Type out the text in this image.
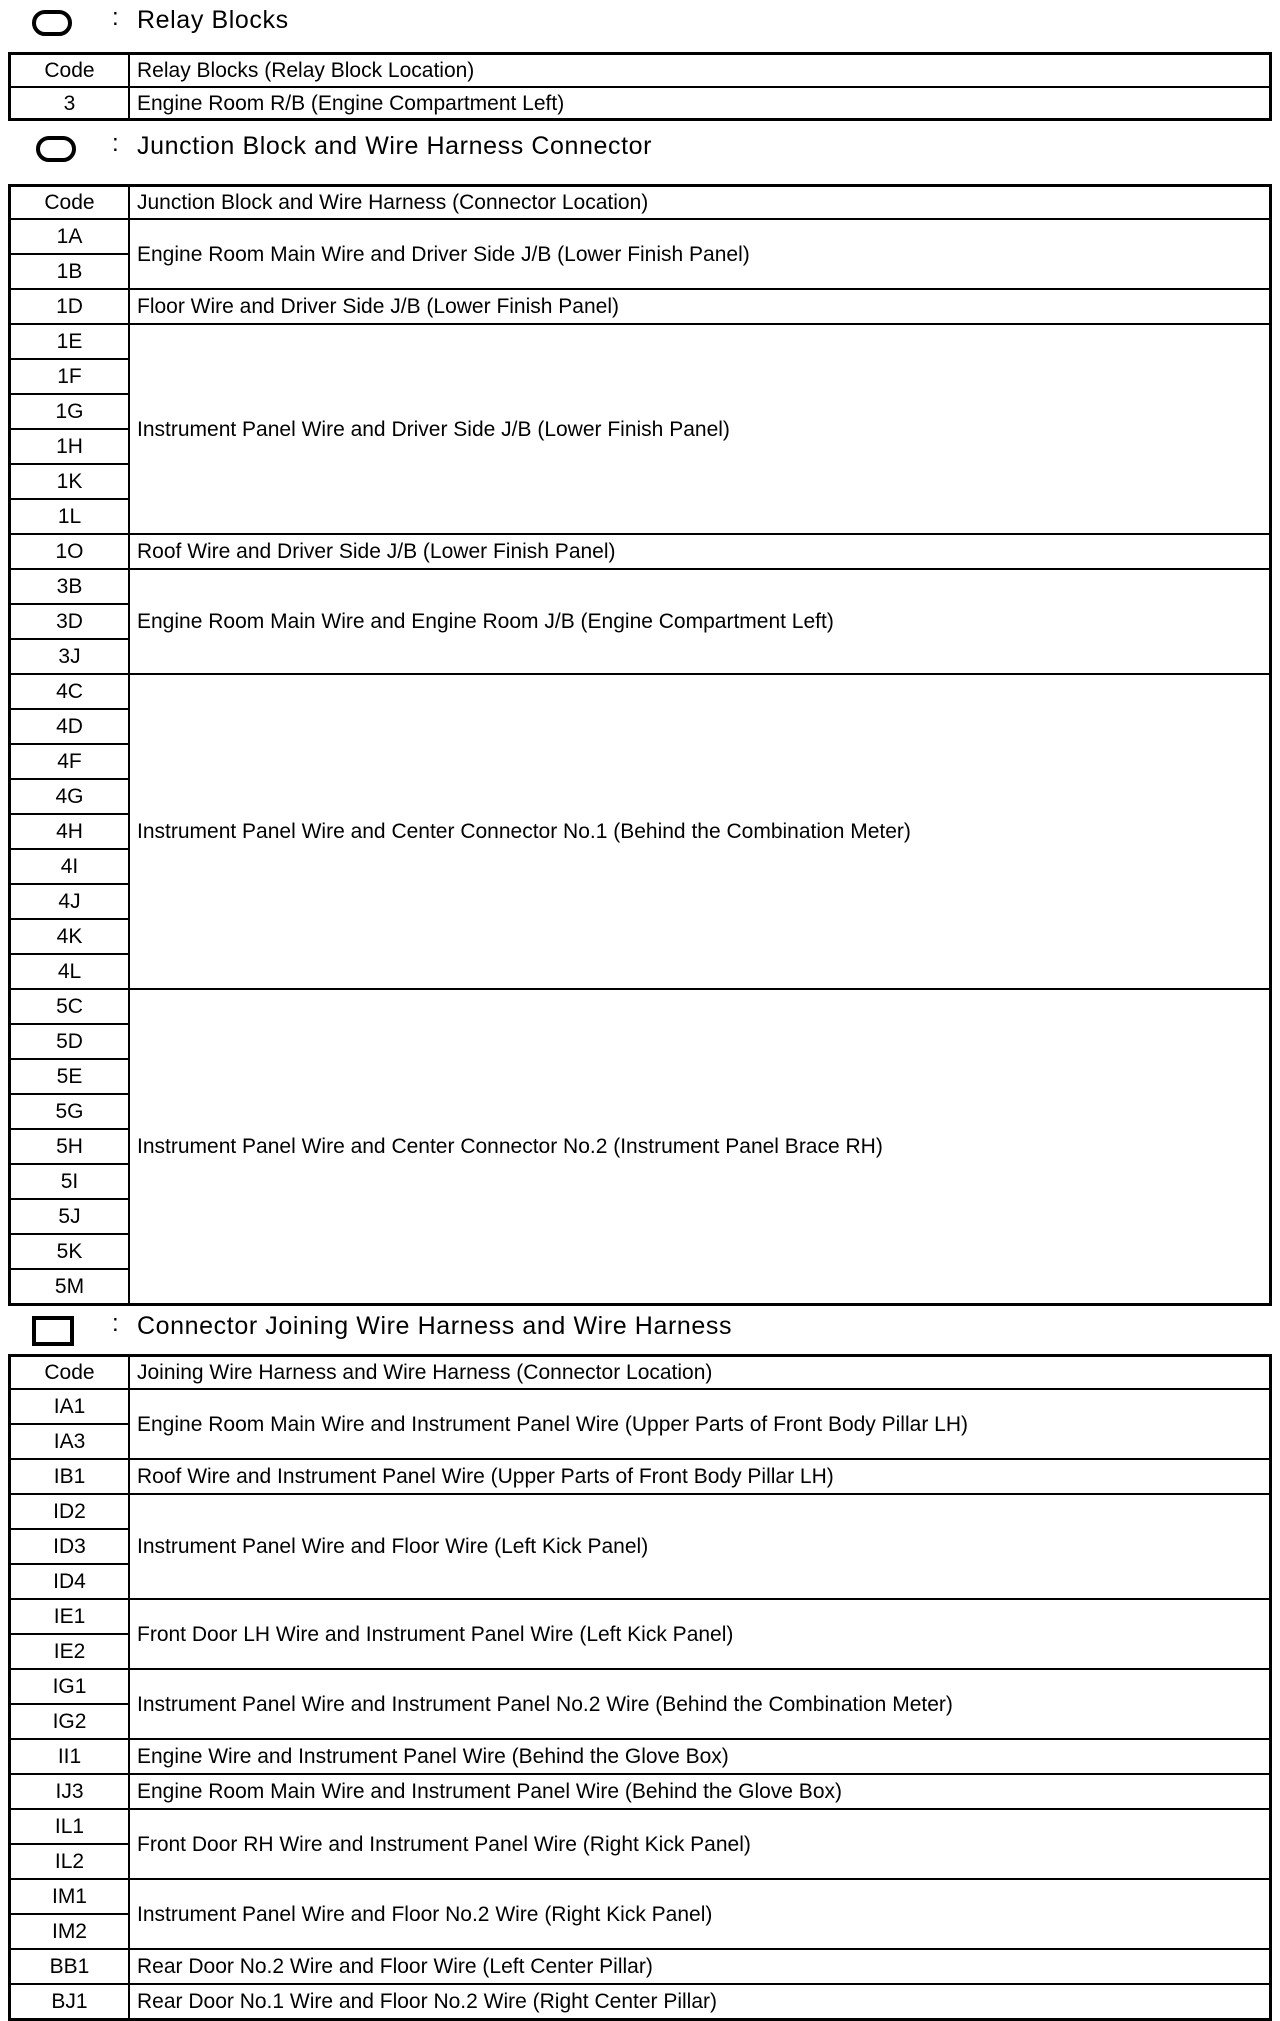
: Relay Blocks
Code	Relay Blocks (Relay Block Location)
3	Engine Room R/B (Engine Compartment Left)
: Junction Block and Wire Harness Connector
Code	Junction Block and Wire Harness (Connector Location)
1A	Engine Room Main Wire and Driver Side J/B (Lower Finish Panel)
1B	
1D	Floor Wire and Driver Side J/B (Lower Finish Panel)
1E	Instrument Panel Wire and Driver Side J/B (Lower Finish Panel)
1F	
1G	
1H	
1K	
1L	
1O	Roof Wire and Driver Side J/B (Lower Finish Panel)
3B	Engine Room Main Wire and Engine Room J/B (Engine Compartment Left)
3D	
3J	
4C	Instrument Panel Wire and Center Connector No.1 (Behind the Combination Meter)
4D	
4F	
4G	
4H	
4I	
4J	
4K	
4L	
5C	Instrument Panel Wire and Center Connector No.2 (Instrument Panel Brace RH)
5D	
5E	
5G	
5H	
5I	
5J	
5K	
5M	
: Connector Joining Wire Harness and Wire Harness
Code	Joining Wire Harness and Wire Harness (Connector Location)
IA1	Engine Room Main Wire and Instrument Panel Wire (Upper Parts of Front Body Pillar LH)
IA3	
IB1	Roof Wire and Instrument Panel Wire (Upper Parts of Front Body Pillar LH)
ID2	Instrument Panel Wire and Floor Wire (Left Kick Panel)
ID3	
ID4	
IE1	Front Door LH Wire and Instrument Panel Wire (Left Kick Panel)
IE2	
IG1	Instrument Panel Wire and Instrument Panel No.2 Wire (Behind the Combination Meter)
IG2	
II1	Engine Wire and Instrument Panel Wire (Behind the Glove Box)
IJ3	Engine Room Main Wire and Instrument Panel Wire (Behind the Glove Box)
IL1	Front Door RH Wire and Instrument Panel Wire (Right Kick Panel)
IL2	
IM1	Instrument Panel Wire and Floor No.2 Wire (Right Kick Panel)
IM2	
BB1	Rear Door No.2 Wire and Floor Wire (Left Center Pillar)
BJ1	Rear Door No.1 Wire and Floor No.2 Wire (Right Center Pillar)
